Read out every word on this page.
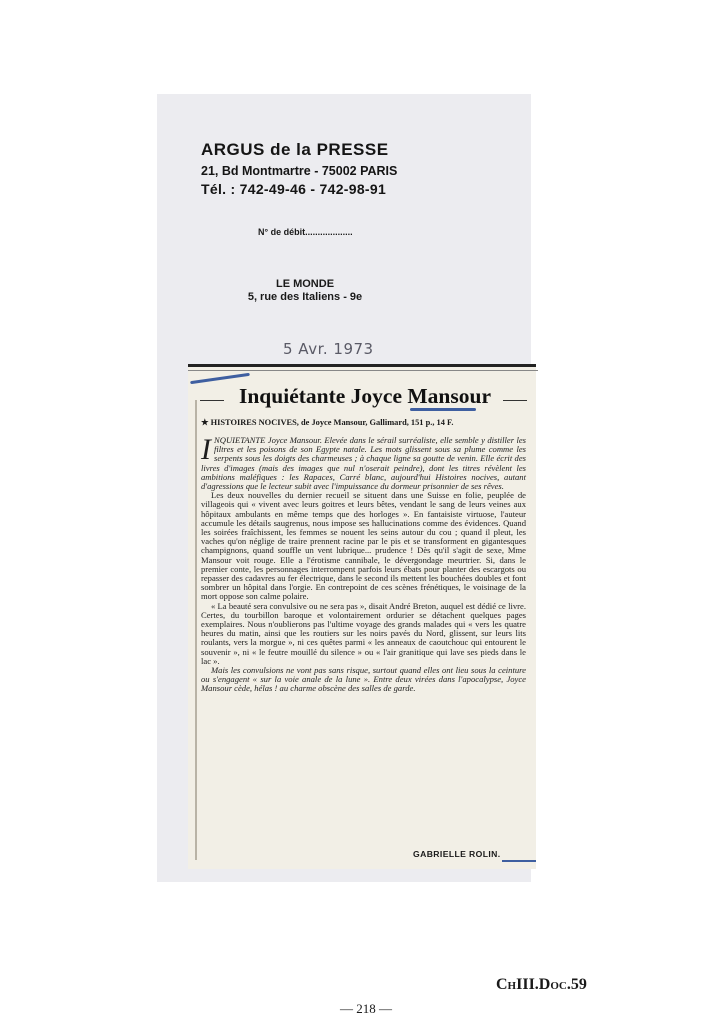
ARGUS de la PRESSE
21, Bd Montmartre - 75002 PARIS
Tél. : 742-49-46 - 742-98-91
N° de débit...................
LE MONDE
5, rue des Italiens - 9e
5 Avr. 1973
Inquiétante Joyce Mansour
★ HISTOIRES NOCIVES, de Joyce Mansour, Gallimard, 151 p., 14 F.

INQUIETANTE Joyce Mansour. Elevée dans le sérail surréaliste, elle semble y distiller les filtres et les poisons de son Egypte natale. Les mots glissent sous sa plume comme les serpents sous les doigts des charmeuses ; à chaque ligne sa goutte de venin. Elle écrit des livres d'images (mais des images que nul n'oserait peindre), dont les titres révèlent les ambitions maléfiques : les Rapaces, Carré blanc, aujourd'hui Histoires nocives, autant d'agressions que le lecteur subit avec l'impuissance du dormeur prisonnier de ses rêves.

Les deux nouvelles du dernier recueil se situent dans une Suisse en folie, peuplée de villageois qui « vivent avec leurs goitres et leurs bêtes, vendant le sang de leurs veines aux hôpitaux ambulants en même temps que des horloges ». En fantaisiste virtuose, l'auteur accumule les détails saugrenus, nous impose ses hallucinations comme des évidences. Quand les soirées fraîchissent, les femmes se nouent les seins autour du cou ; quand il pleut, les vaches qu'on néglige de traire prennent racine par le pis et se transforment en gigantesques champignons, quand souffle un vent lubrique... prudence ! Dès qu'il s'agit de sexe, Mme Mansour voit rouge. Elle a l'érotisme cannibale, le dévergondage meurtrier. Si, dans le premier conte, les personnages interrompent parfois leurs ébats pour planter des escargots ou repasser des cadavres au fer électrique, dans le second ils mettent les bouchées doubles et font sombrer un hôpital dans l'orgie. En contrepoint de ces scènes frénétiques, le voisinage de la mort oppose son calme polaire.

« La beauté sera convulsive ou ne sera pas », disait André Breton, auquel est dédié ce livre. Certes, du tourbillon baroque et volontairement ordurier se détachent quelques pages exemplaires. Nous n'oublierons pas l'ultime voyage des grands malades qui « vers les quatre heures du matin, ainsi que les routiers sur les noirs pavés du Nord, glissent, sur leurs lits roulants, vers la morgue », ni ces quêtes parmi « les anneaux de caoutchouc qui entourent le souvenir », ni « le feutre mouillé du silence » ou « l'air granitique qui lave ses pieds dans le lac ».

Mais les convulsions ne vont pas sans risque, surtout quand elles ont lieu sous la ceinture ou s'engagent « sur la voie anale de la lune ». Entre deux virées dans l'apocalypse, Joyce Mansour cède, hélas ! au charme obscène des salles de garde.

GABRIELLE ROLIN.
ChIII.Doc.59
— 218 —
